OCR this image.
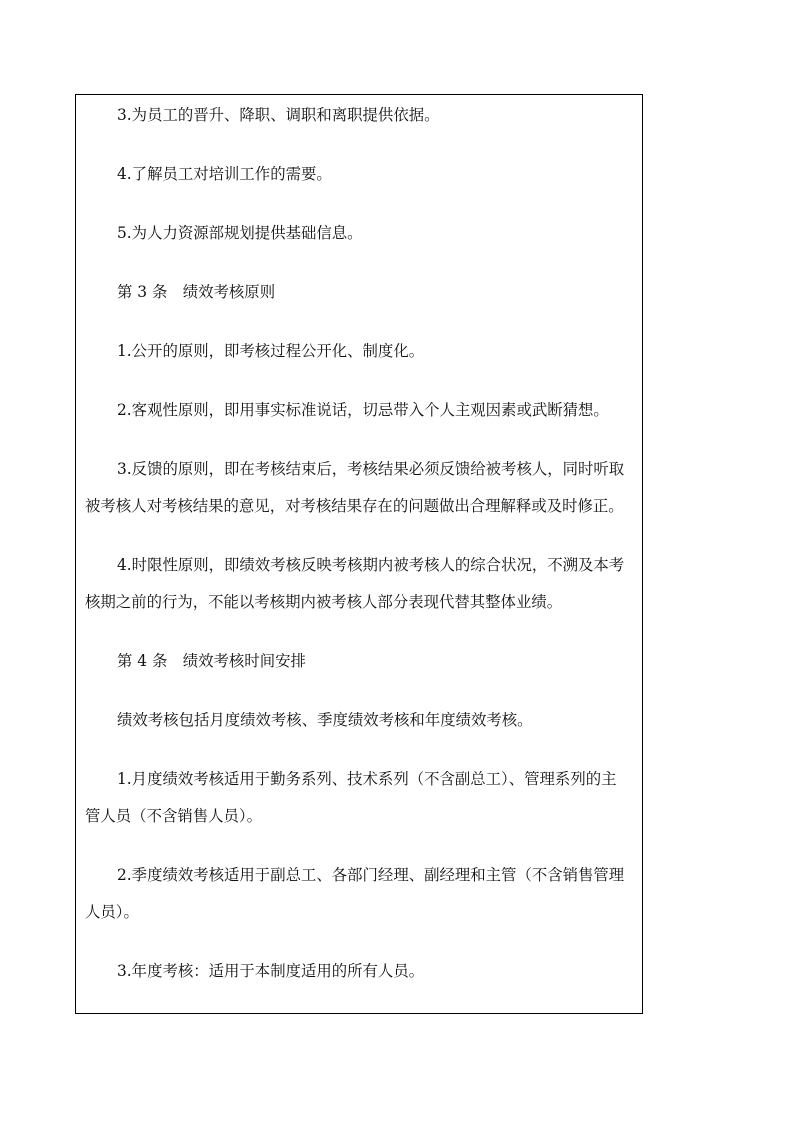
3.为员工的晋升、降职、调职和离职提供依据。
4.了解员工对培训工作的需要。
5.为人力资源部规划提供基础信息。
第 3 条　绩效考核原则
1.公开的原则，即考核过程公开化、制度化。
2.客观性原则，即用事实标准说话，切忌带入个人主观因素或武断猜想。
3.反馈的原则，即在考核结束后，考核结果必须反馈给被考核人，同时听取
被考核人对考核结果的意见，对考核结果存在的问题做出合理解释或及时修正。
4.时限性原则，即绩效考核反映考核期内被考核人的综合状况，不溯及本考
核期之前的行为，不能以考核期内被考核人部分表现代替其整体业绩。
第 4 条　绩效考核时间安排
绩效考核包括月度绩效考核、季度绩效考核和年度绩效考核。
1.月度绩效考核适用于勤务系列、技术系列（不含副总工）、管理系列的主
管人员（不含销售人员）。
2.季度绩效考核适用于副总工、各部门经理、副经理和主管（不含销售管理
人员）。
3.年度考核：适用于本制度适用的所有人员。
